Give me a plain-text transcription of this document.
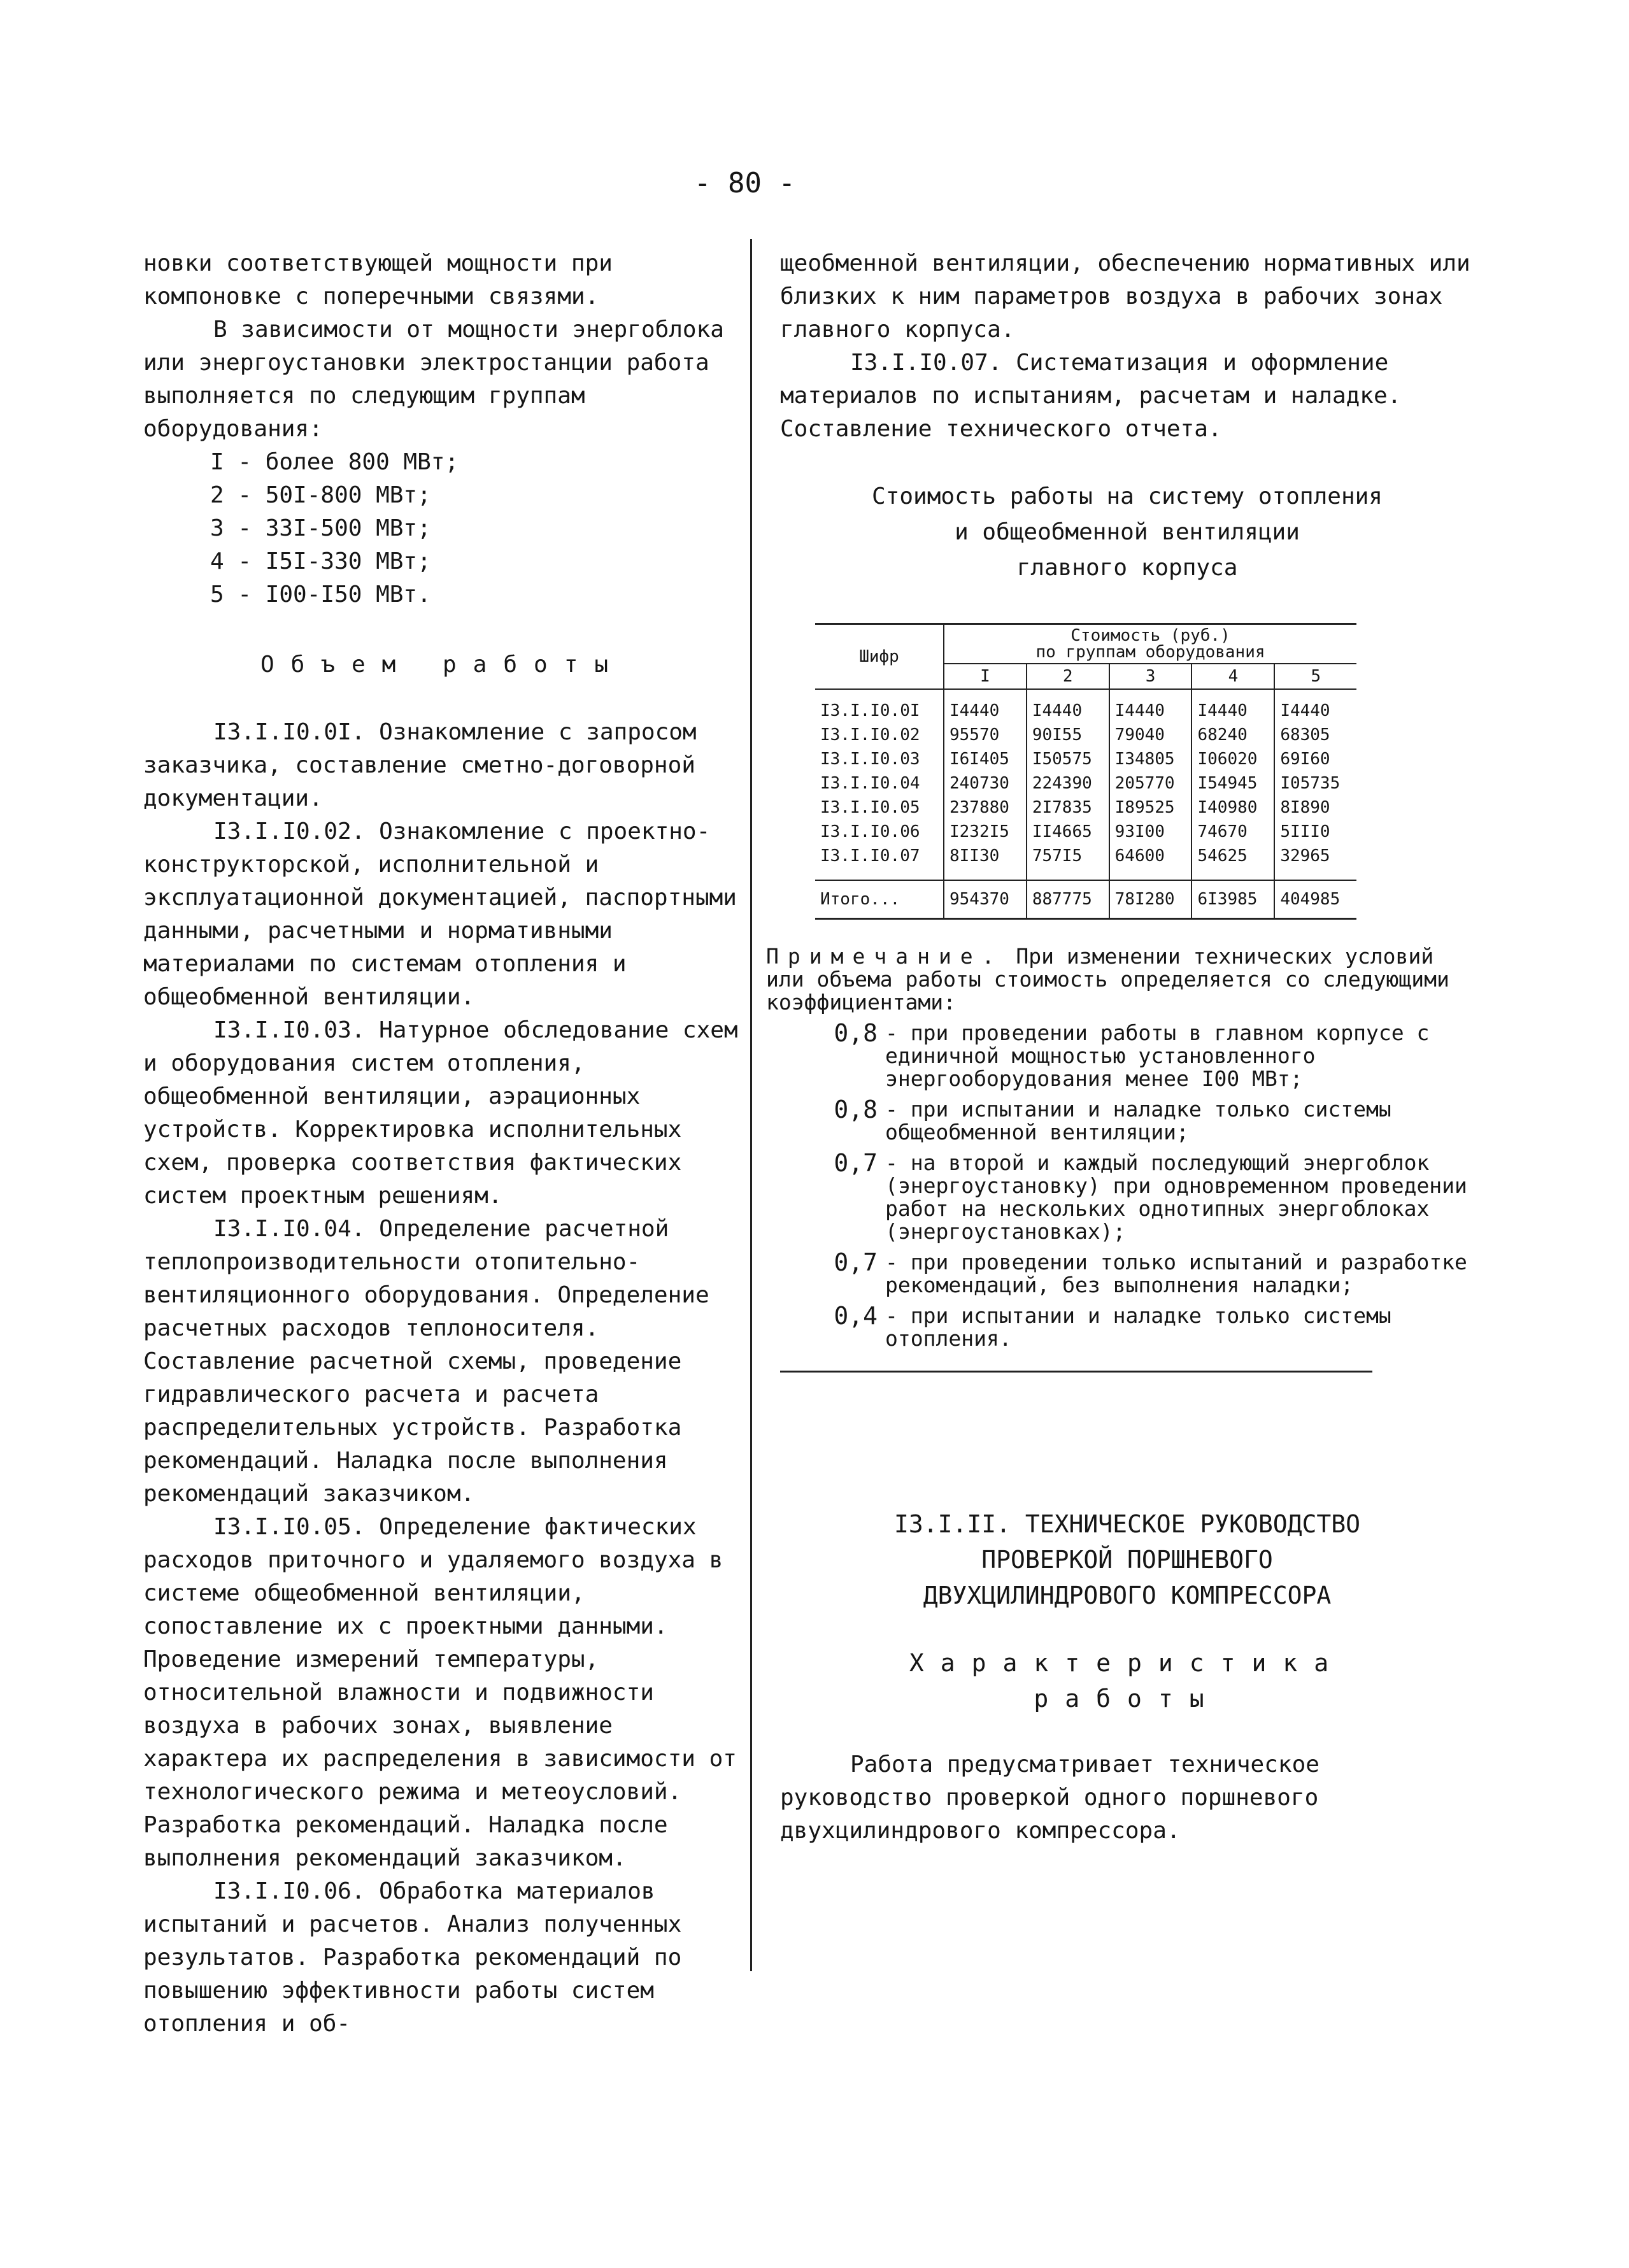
- 80 -

новки соответствующей мощности при компоновке с поперечными связями.

В зависимости от мощности энергоблока или энергоустановки электростанции работа выполняется по следующим группам оборудования:

I - более 800 МВт;
2 - 50I-800 МВт;
3 - 33I-500 МВт;
4 - I5I-330 МВт;
5 - I00-I50 МВт.

Объем работы

I3.I.I0.0I. Ознакомление с запросом заказчика, составление сметно-договорной документации.

I3.I.I0.02. Ознакомление с проектно-конструкторской, исполнительной и эксплуатационной документацией, паспортными данными, расчетными и нормативными материалами по системам отопления и общеобменной вентиляции.

I3.I.I0.03. Натурное обследование схем и оборудования систем отопления, общеобменной вентиляции, аэрационных устройств. Корректировка исполнительных схем, проверка соответствия фактических систем проектным решениям.

I3.I.I0.04. Определение расчетной теплопроизводительности отопительно-вентиляционного оборудования. Определение расчетных расходов теплоносителя. Составление расчетной схемы, проведение гидравлического расчета и расчета распределительных устройств. Разработка рекомендаций. Наладка после выполнения рекомендаций заказчиком.

I3.I.I0.05. Определение фактических расходов приточного и удаляемого воздуха в системе общеобменной вентиляции, сопоставление их с проектными данными. Проведение измерений температуры, относительной влажности и подвижности воздуха в рабочих зонах, выявление характера их распределения в зависимости от технологического режима и метеоусловий. Разработка рекомендаций. Наладка после выполнения рекомендаций заказчиком.

I3.I.I0.06. Обработка материалов испытаний и расчетов. Анализ полученных результатов. Разработка рекомендаций по повышению эффективности работы систем отопления и об-

щеобменной вентиляции, обеспечению нормативных или близких к ним параметров воздуха в рабочих зонах главного корпуса.

I3.I.I0.07. Систематизация и оформление материалов по испытаниям, расчетам и наладке. Составление технического отчета.

Стоимость работы на систему отопления
и общеобменной вентиляции
главного корпуса
Шифр	Стоимость (руб.)
по группам оборудования				

	I	2	3	4	5
I3.I.I0.0I	I4440	I4440	I4440	I4440	I4440
I3.I.I0.02	95570	90I55	79040	68240	68305
I3.I.I0.03	I6I405	I50575	I34805	I06020	69I60
I3.I.I0.04	240730	224390	205770	I54945	I05735
I3.I.I0.05	237880	2I7835	I89525	I40980	8I890
I3.I.I0.06	I232I5	II4665	93I00	74670	5III0
I3.I.I0.07	8II30	757I5	64600	54625	32965
Итого...	954370	887775	78I280	6I3985	404985

Примечание. При изменении технических условий или объема работы стоимость определяется со следующими коэффициентами:

0,8 - при проведении работы в главном корпусе с единичной мощностью установленного энергооборудования менее I00 МВт;
0,8 - при испытании и наладке только системы общеобменной вентиляции;
0,7 - на второй и каждый последующий энергоблок (энергоустановку) при одновременном проведении работ на нескольких однотипных энергоблоках (энергоустановках);
0,7 - при проведении только испытаний и разработке рекомендаций, без выполнения наладки;
0,4 - при испытании и наладке только системы отопления.
I3.I.II. ТЕХНИЧЕСКОЕ РУКОВОДСТВО
ПРОВЕРКОЙ ПОРШНЕВОГО
ДВУХЦИЛИНДРОВОГО КОМПРЕССОРА
Характеристика
работы

Работа предусматривает техническое руководство проверкой одного поршневого двухцилиндрового компрессора.
